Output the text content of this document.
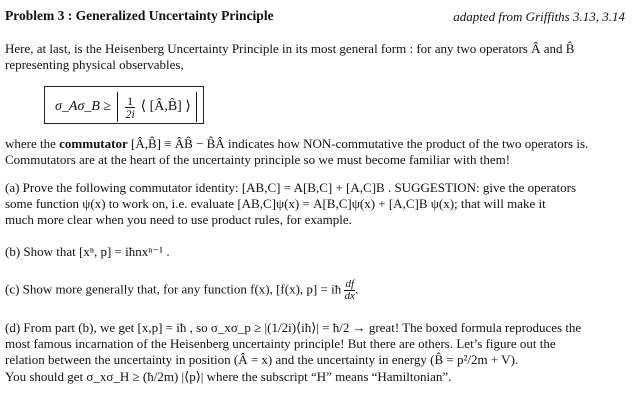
Problem 3 : Generalized Uncertainty Principle	adapted from Griffiths 3.13, 3.14
Here, at last, is the Heisenberg Uncertainty Principle in its most general form : for any two operators Â and B̂
representing physical observables,
σ_Aσ_B ≥ $\frac{1}{2i}$ ⟨ [Â,B̂] ⟩
where the commutator [Â,B̂] ≡ ÂB̂ − B̂Â indicates how NON-commutative the product of the two operators is.
Commutators are at the heart of the uncertainty principle so we must become familiar with them!
(a) Prove the following commutator identity: [AB,C] = A[B,C] + [A,C]B . SUGGESTION: give the operators
some function ψ(x) to work on, i.e. evaluate [AB,C]ψ(x) = A[B,C]ψ(x) + [A,C]B ψ(x); that will make it
much more clear when you need to use product rules, for example.
(b) Show that [xⁿ, p] = iħnxⁿ⁻¹ .
(c) Show more generally that, for any function f(x), [f(x), p] = iħ $\frac{df}{dx}$ .
(d) From part (b), we get [x,p] = iħ , so σ_xσ_p ≥ |(1/2i)⟨iħ⟩| = ħ/2 → great! The boxed formula reproduces the
most famous incarnation of the Heisenberg uncertainty principle! But there are others. Let’s figure out the
relation between the uncertainty in position (Â = x) and the uncertainty in energy (B̂ = p²/2m + V).
You should get σ_xσ_H ≥ (ħ/2m) |⟨p⟩| where the subscript “H” means “Hamiltonian”.
